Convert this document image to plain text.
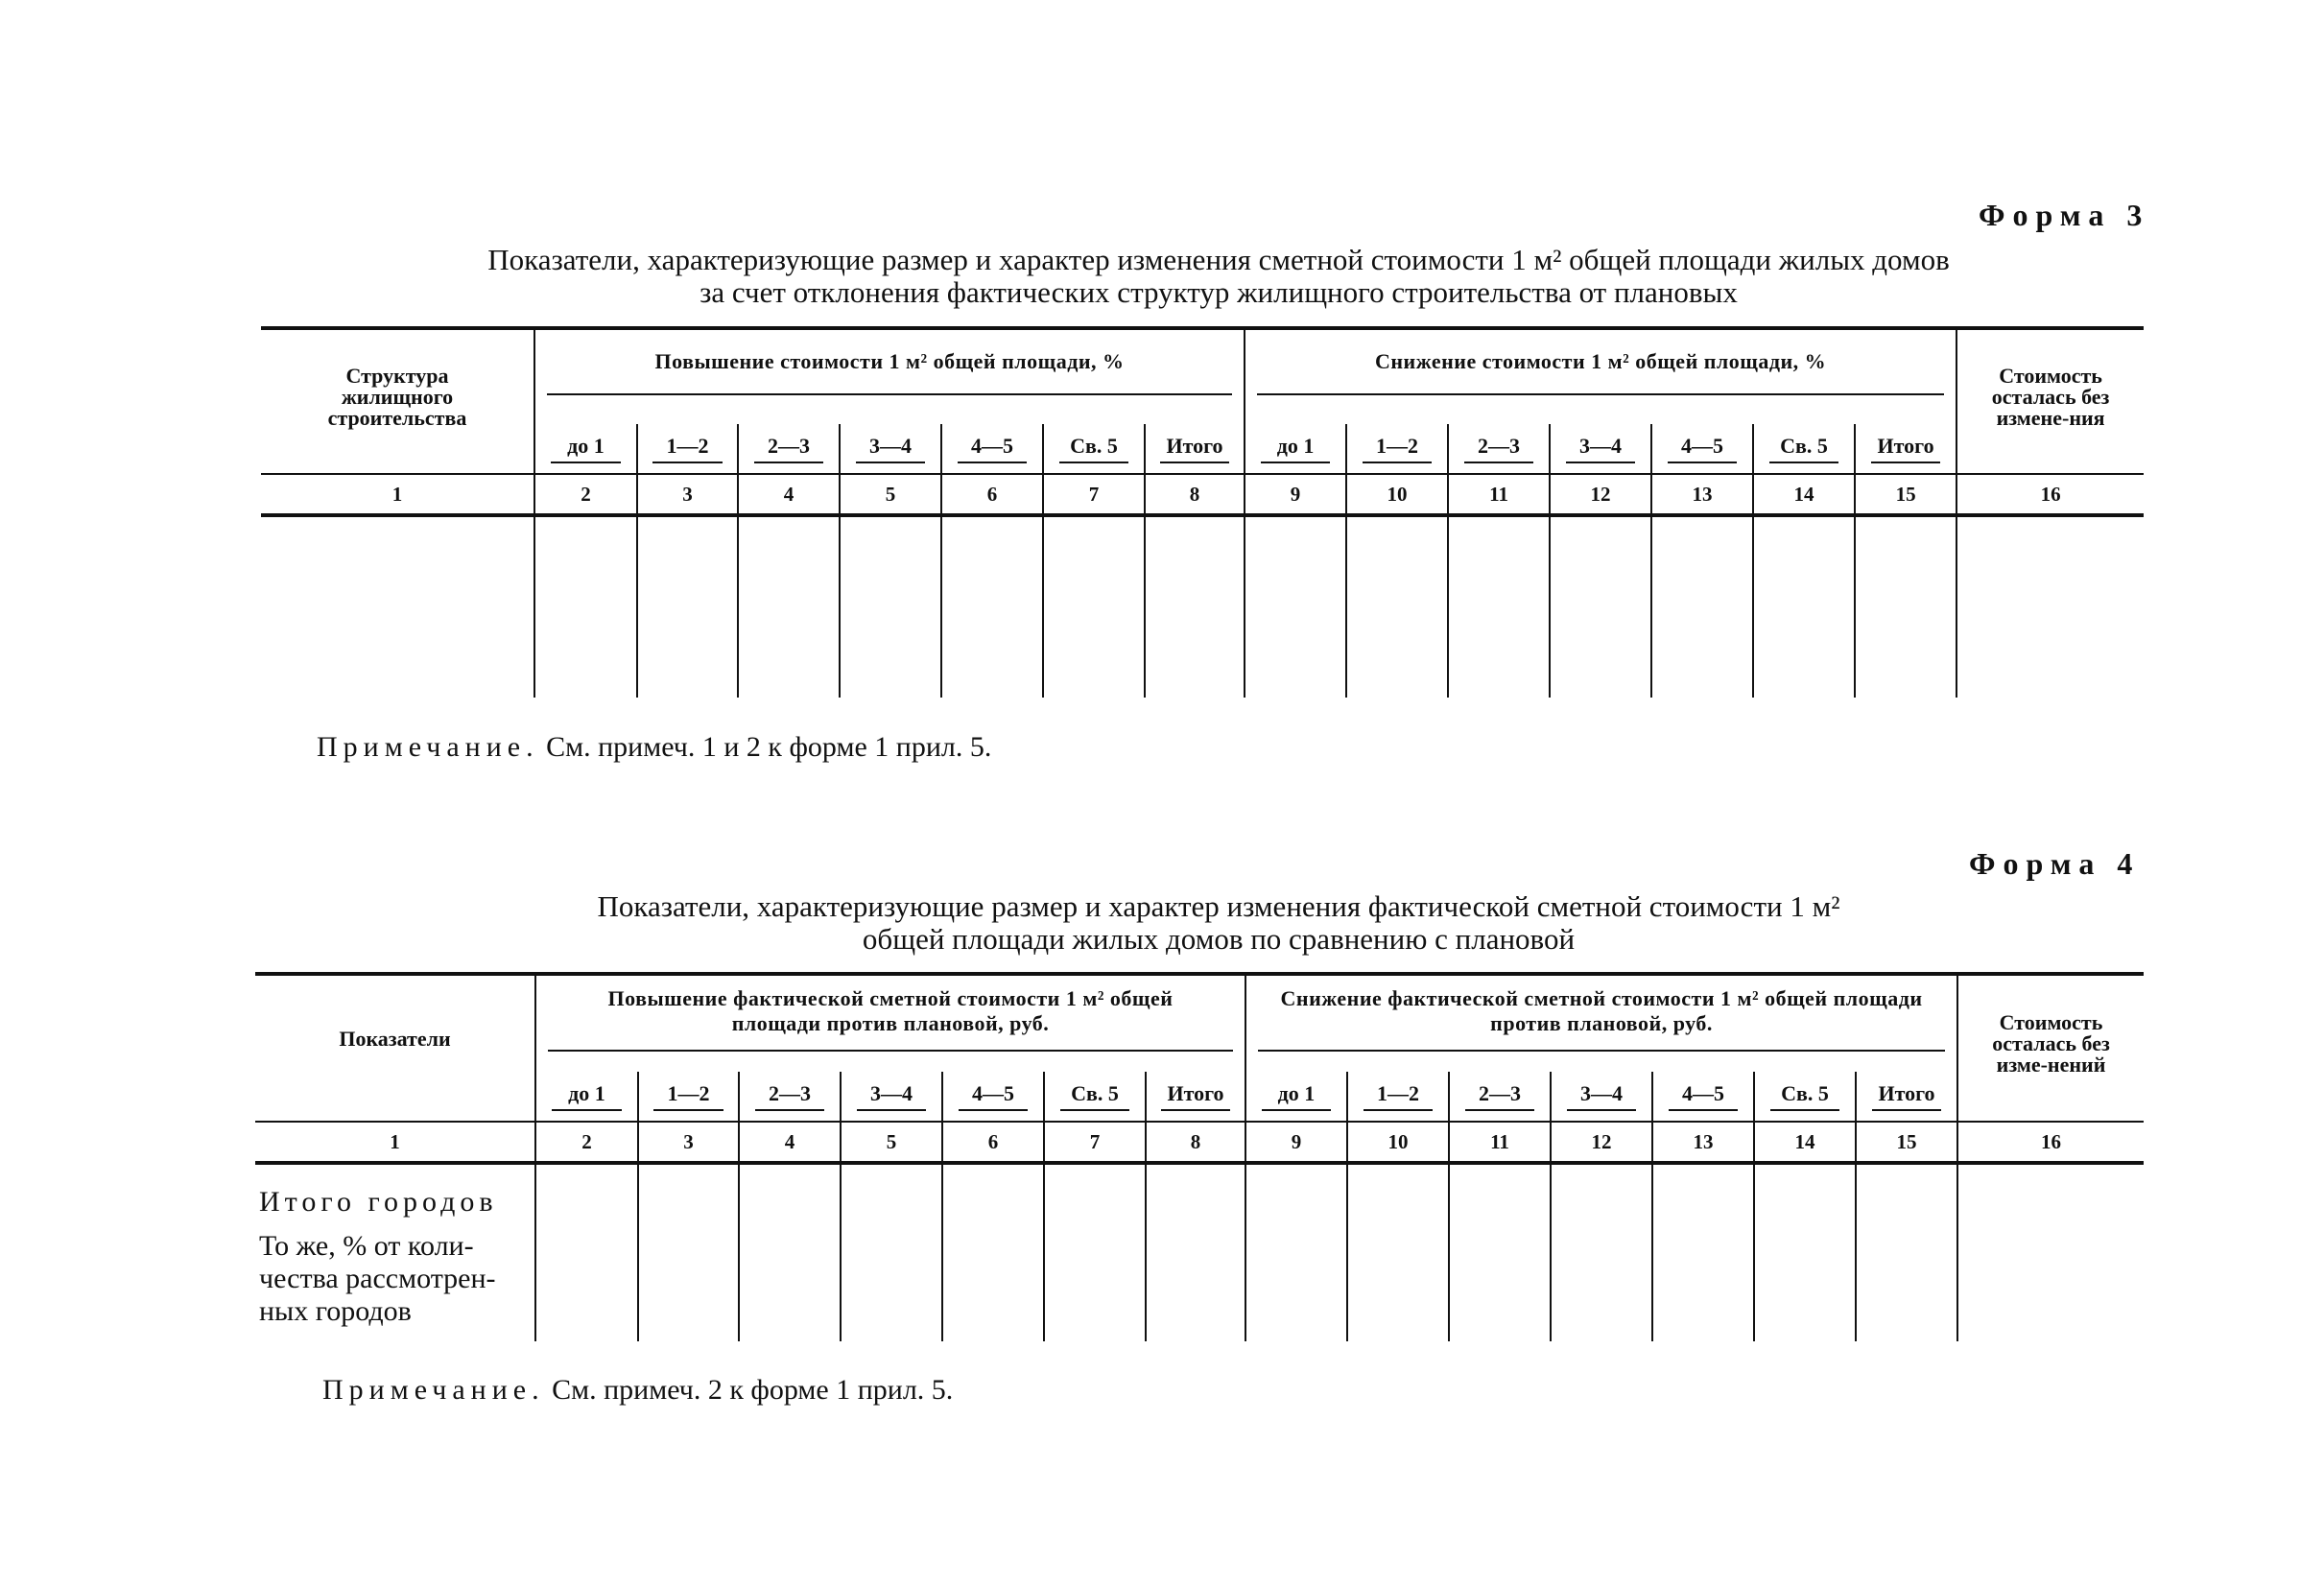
Форма 3
Показатели, характеризующие размер и характер изменения сметной стоимости 1 м² общей площади жилых домов
за счет отклонения фактических структур жилищного строительства от плановых
Структура жилищного строительства	Повышение стоимости 1 м² общей площади, %							Снижение стоимости 1 м² общей площади, %							Стоимость осталась без измене-ния

	до 1	1—2	2—3	3—4	4—5	Св. 5	Итого	до 1	1—2	2—3	3—4	4—5	Св. 5	Итого	
1	2	3	4	5	6	7	8	9	10	11	12	13	14	15	16

Примечание. См. примеч. 1 и 2 к форме 1 прил. 5.
Форма 4
Показатели, характеризующие размер и характер изменения фактической сметной стоимости 1 м²
общей площади жилых домов по сравнению с плановой
Показатели	Повышение фактической сметной стоимости 1 м² общей площади против плановой, руб.							Снижение фактической сметной стоимости 1 м² общей площади против плановой, руб.							Стоимость осталась без изме-нений

	до 1	1—2	2—3	3—4	4—5	Св. 5	Итого	до 1	1—2	2—3	3—4	4—5	Св. 5	Итого	
1	2	3	4	5	6	7	8	9	10	11	12	13	14	15	16

Итого городов
То же, % от коли-чества рассмотрен-ных городов															

Примечание. См. примеч. 2 к форме 1 прил. 5.
